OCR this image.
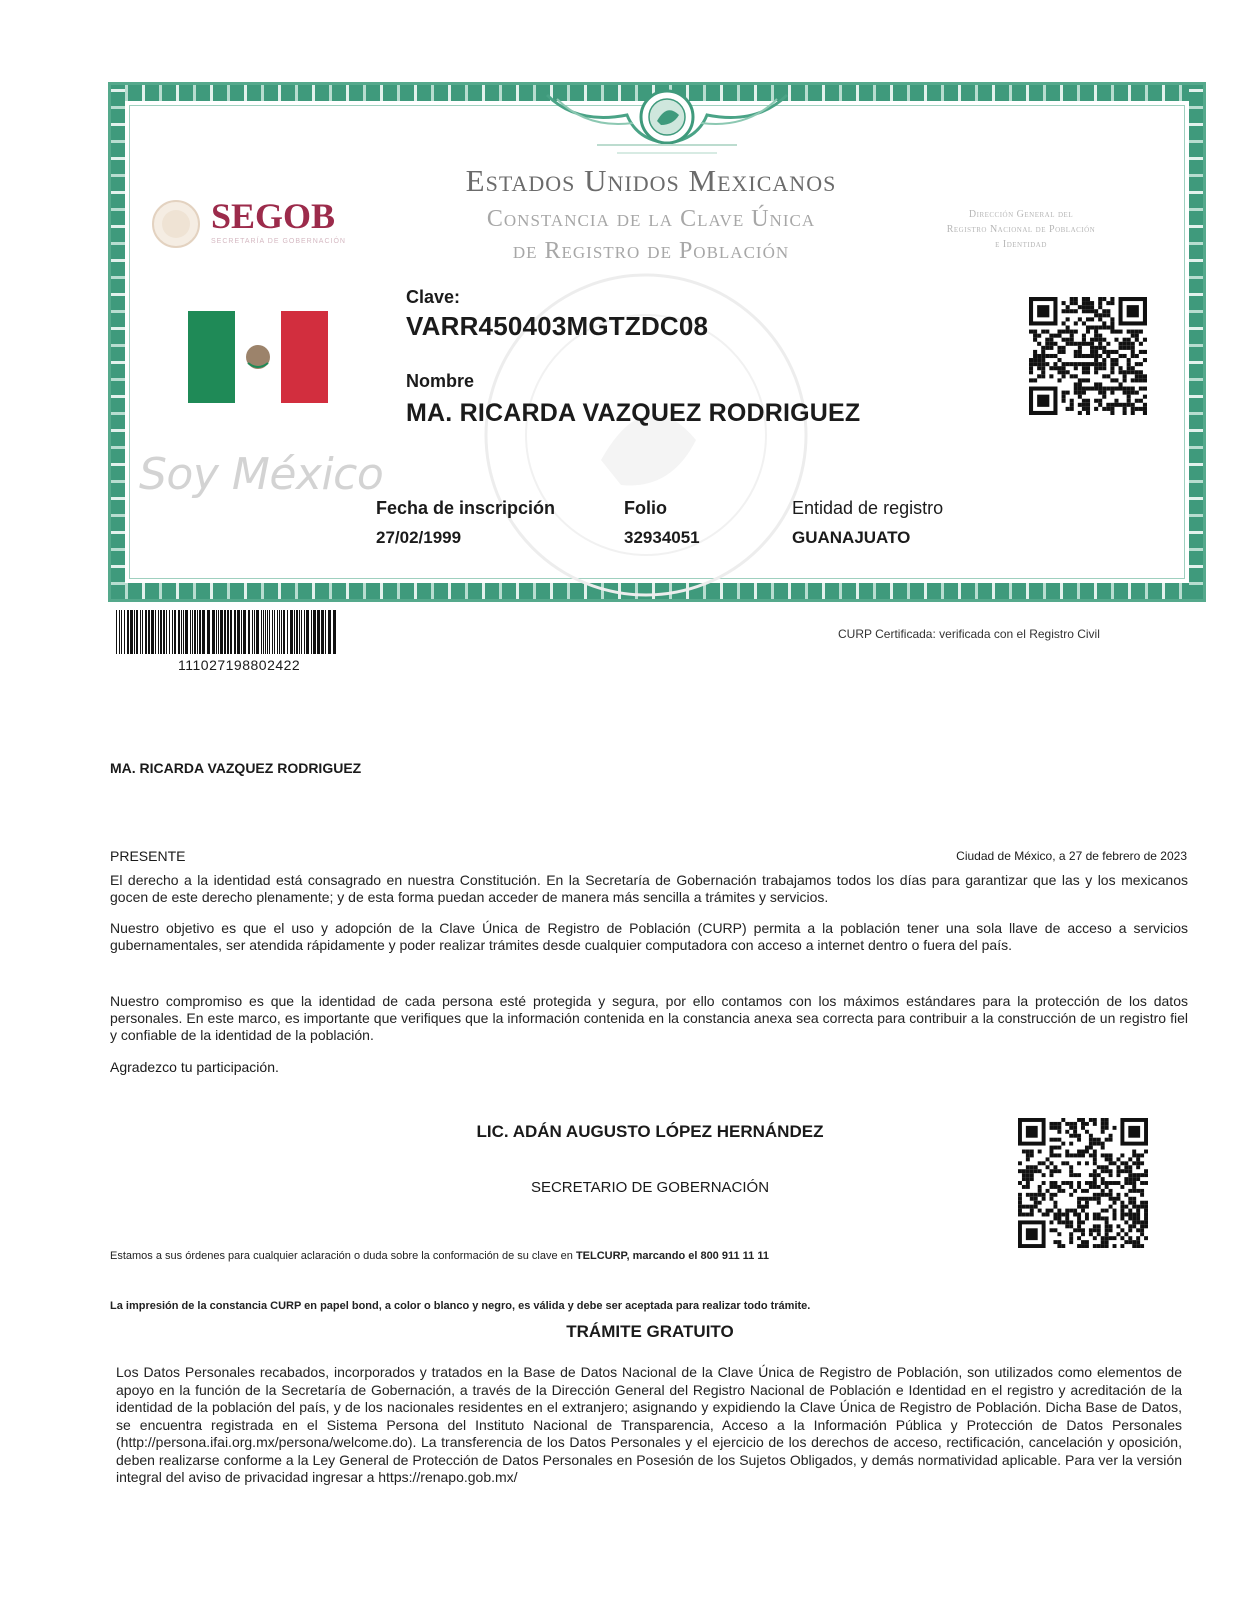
Estados Unidos Mexicanos
Constancia de la Clave Única
de Registro de Población
Dirección General del
Registro Nacional de Población
e Identidad
SEGOB
SECRETARÍA DE GOBERNACIÓN
Soy México
Clave:
VARR450403MGTZDC08
Nombre
MA. RICARDA VAZQUEZ RODRIGUEZ
Fecha de inscripción
27/02/1999
Folio
32934051
Entidad de registro
GUANAJUATO
111027198802422
CURP Certificada: verificada con el Registro Civil
MA. RICARDA VAZQUEZ RODRIGUEZ
PRESENTE	Ciudad de México, a 27 de febrero de 2023

El derecho a la identidad está consagrado en nuestra Constitución. En la Secretaría de Gobernación trabajamos todos los días para garantizar que las y los mexicanos gocen de este derecho plenamente; y de esta forma puedan acceder de manera más sencilla a trámites y servicios.

Nuestro objetivo es que el uso y adopción de la Clave Única de Registro de Población (CURP) permita a la población tener una sola llave de acceso a servicios gubernamentales, ser atendida rápidamente y poder realizar trámites desde cualquier computadora con acceso a internet dentro o fuera del país.

Nuestro compromiso es que la identidad de cada persona esté protegida y segura, por ello contamos con los máximos estándares para la protección de los datos personales. En este marco, es importante que verifiques que la información contenida en la constancia anexa sea correcta para contribuir a la construcción de un registro fiel y confiable de la identidad de la población.

Agradezco tu participación.
LIC. ADÁN AUGUSTO LÓPEZ HERNÁNDEZ
SECRETARIO DE GOBERNACIÓN
Estamos a sus órdenes para cualquier aclaración o duda sobre la conformación de su clave en TELCURP, marcando el 800 911 11 11
La impresión de la constancia CURP en papel bond, a color o blanco y negro, es válida y debe ser aceptada para realizar todo trámite.
TRÁMITE GRATUITO

Los Datos Personales recabados, incorporados y tratados en la Base de Datos Nacional de la Clave Única de Registro de Población, son utilizados como elementos de apoyo en la función de la Secretaría de Gobernación, a través de la Dirección General del Registro Nacional de Población e Identidad en el registro y acreditación de la identidad de la población del país, y de los nacionales residentes en el extranjero; asignando y expidiendo la Clave Única de Registro de Población. Dicha Base de Datos, se encuentra registrada en el Sistema Persona del Instituto Nacional de Transparencia, Acceso a la Información Pública y Protección de Datos Personales (http://persona.ifai.org.mx/persona/welcome.do). La transferencia de los Datos Personales y el ejercicio de los derechos de acceso, rectificación, cancelación y oposición, deben realizarse conforme a la Ley General de Protección de Datos Personales en Posesión de los Sujetos Obligados, y demás normatividad aplicable. Para ver la versión integral del aviso de privacidad ingresar a https://renapo.gob.mx/
